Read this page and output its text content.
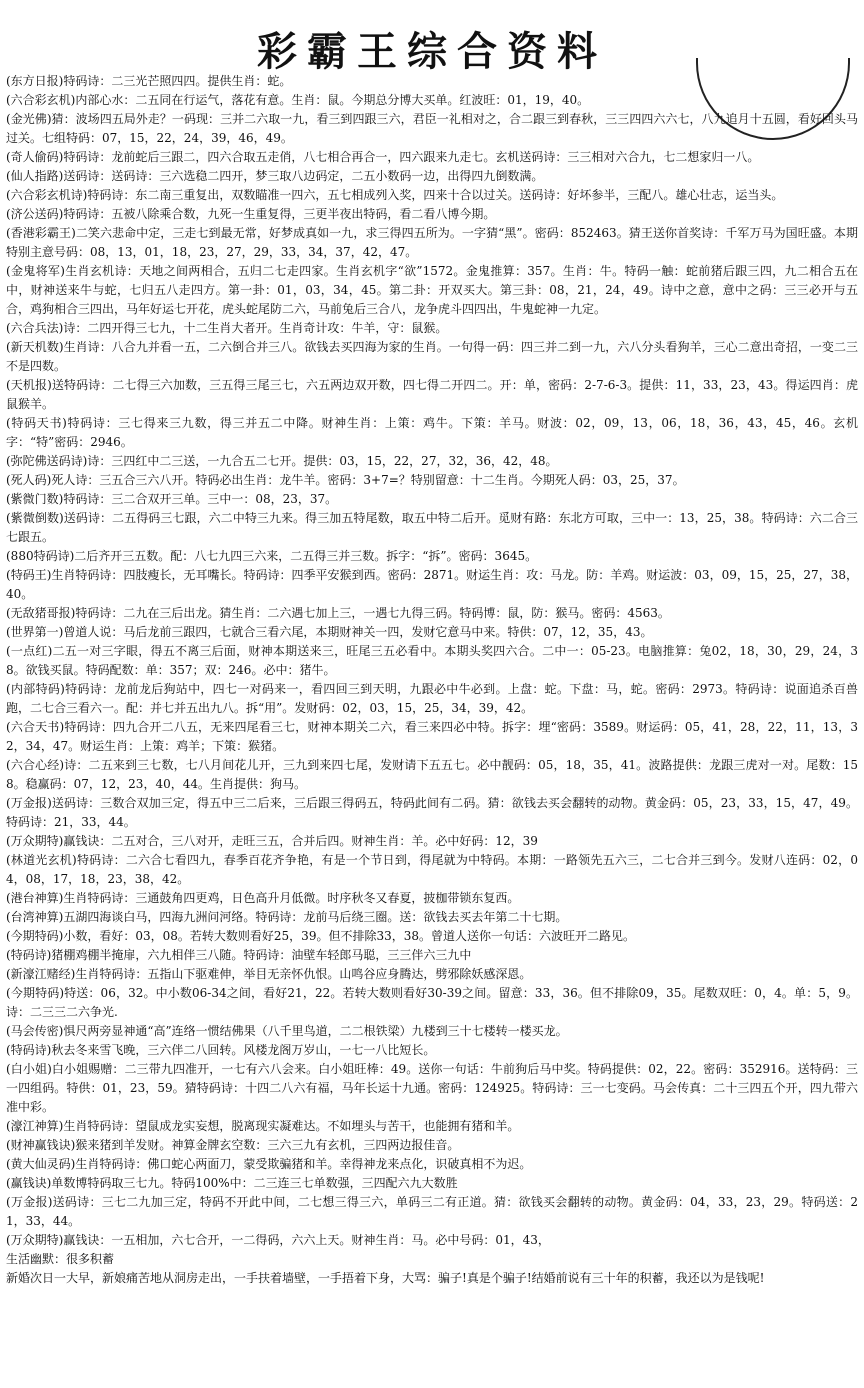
彩霸王综合资料

(东方日报)特码诗：二三光芒照四四。提供生肖：蛇。

(六合彩玄机)内部心水：二五同在行运气，落花有意。生肖：鼠。今期总分博大买单。红波旺：01，19，40。

(金光佛)猜：波场四五局外走？一码现：三并二六取一九，看三到四跟三六，君臣一礼相对之，合二跟三到春秋，三三四四六六七，八九追月十五圆，看好回头马过关。七组特码：07，15，22，24，39，46，49。

(奇人偷码)特码诗：龙前蛇后三跟二，四六合取五走俏，八七相合再合一，四六跟来九走七。玄机送码诗：三三相对六合九，七二想家归一八。

(仙人指路)送码诗：送码诗：三六选稳二四开，梦三取八边码定，二五小数码一边，出得四九倒数满。

(六合彩玄机诗)特码诗：东二南三重复出，双数瞄准一四六，五七相成列入奖，四来十合以过关。送码诗：好坏参半，三配八。雄心壮志，运当头。

(济公送码)特码诗：五被八除乘合数，九死一生重复得，三更半夜出特码，看二看八博今期。

(香港彩霸王)二笑六悲命中定，三走七到最无常，好梦成真如一九，求三得四五所为。一字猜“黑”。密码：852463。猜王送你首奖诗：千军万马为国旺盛。本期特别主意号码：08，13，01，18，23，27，29，33，34，37，42，47。

(金鬼将军)生肖玄机诗：天地之间两相合，五归二七走四家。生肖玄机字“欲”1572。金鬼推算：357。生肖：牛。特码一触：蛇前猪后跟三四，九二相合五在中，财神送来牛与蛇，七归五八走四方。第一卦：01，03，34，45。第二卦：开双买大。第三卦：08，21，24，49。诗中之意，意中之码：三三必开与五合，鸡狗相合三四出，马年好运七开花，虎头蛇尾防二六，马前兔后三合八，龙争虎斗四四出，牛鬼蛇神一九定。

(六合兵法)诗：二四开得三七九，十二生肖大者开。生肖奇计攻：牛羊，守：鼠猴。

(新天机数)生肖诗：八合九并看一五，二六倒合并三八。欲钱去买四海为家的生肖。一句得一码：四三并二到一九，六八分头看狗羊，三心二意出奇招，一变二三不是四数。

(天机报)送特码诗：二七得三六加数，三五得三尾三七，六五两边双开数，四七得二开四二。开：单，密码：2-7-6-3。提供：11，33，23，43。得运四肖：虎鼠猴羊。

(特码天书)特码诗：三七得来三九数，得三并五二中降。财神生肖：上策：鸡牛。下策：羊马。财波：02，09，13，06，18，36，43，45，46。玄机字：“特”密码：2946。

(弥陀佛送码诗)诗：三四红中二三送，一九合五二七开。提供：03，15，22，27，32，36，42，48。

(死人码)死人诗：三五合三六八开。特码必出生肖：龙牛羊。密码：3+7=？特别留意：十二生肖。今期死人码：03，25，37。

(紫微门数)特码诗：三二合双开三单。三中一：08，23，37。

(紫微倒数)送码诗：二五得码三七跟，六二中特三九来。得三加五特尾数，取五中特二后开。觅财有路：东北方可取，三中一：13，25，38。特码诗：六二合三七跟五。

(880特码诗)二后齐开三五数。配：八七九四三六来，二五得三并三数。拆字：“拆”。密码：3645。

(特码王)生肖特码诗：四肢瘦长，无耳嘴长。特码诗：四季平安猴到西。密码：2871。财运生肖：攻：马龙。防：羊鸡。财运波：03，09，15，25，27，38，40。

(无敌猪哥报)特码诗：二九在三后出龙。猜生肖：二六遇七加上三，一遇七九得三码。特码博：鼠，防：猴马。密码：4563。

(世界第一)曾道人说：马后龙前三跟四，七就合三看六尾，本期财神关一四，发财它意马中来。特供：07，12，35，43。

(一点红)二五一对三字眼，得五不离三后面，财神本期送来三，旺尾三五必看中。本期头奖四六合。二中一：05-23。电脑推算：兔02，18，30，29，24，38。欲钱买鼠。特码配数：单：357；双：246。必中：猪牛。

(内部特码)特码诗：龙前龙后狗站中，四七一对码来一，看四回三到天明，九跟必中牛必到。上盘：蛇。下盘：马，蛇。密码：2973。特码诗：说面追杀百兽跑，二七合三看六一。配：并七并五出九八。拆“用”。发财码：02，03，15，25，34，39，42。

(六合天书)特码诗：四九合开二八五，无来四尾看三七，财神本期关二六，看三来四必中特。拆字：埋“密码：3589。财运码：05，41，28，22，11，13，32，34，47。财运生肖：上策：鸡羊；下策：猴猪。

(六合心经)诗：二五来到三七数，七八月间花儿开，三九到来四七尾，发财请下五五七。必中靓码：05，18，35，41。波路提供：龙跟三虎对一对。尾数：158。稳赢码：07，12，23，40，44。生肖提供：狗马。

(万金报)送码诗：三数合双加三定，得五中三二后来，三后跟三得码五，特码此间有二码。猜：欲钱去买会翻转的动物。黄金码：05，23，33，15，47，49。特码诗：21，33，44。

(万众期特)赢钱诀：二五对合，三八对开，走旺三五，合并后四。财神生肖：羊。必中好码：12，39

(林道光玄机)特码诗：二六合七看四九，春季百花齐争艳，有是一个节日到，得尾就为中特码。本期：一路领先五六三，二七合并三到今。发财八连码：02，04，08，17，18，23，38，42。

(港台神算)生肖特码诗：三通鼓角四更鸡，日色高升月低微。时序秋冬又春夏，披枷带锁东复西。

(台湾神算)五湖四海谈白马，四海九洲问河络。特码诗：龙前马后绕三圈。送：欲钱去买去年第二十七期。

(今期特码)小数，看好：03，08。若转大数则看好25，39。但不排除33，38。曾道人送你一句话：六波旺开二路见。

(特码诗)猪棚鸡棚半掩扉，六九相伴三八随。特码诗：油壁车轻郎马聪，三三伴六三九中

(新濠江赌经)生肖特码诗：五指山下驱难伸，举目无亲怀仇恨。山鸣谷应身腾达，劈邪除妖感深恩。

(今期特码)特送：06，32。中小数06-34之间，看好21，22。若转大数则看好30-39之间。留意：33，36。但不排除09，35。尾数双旺：0，4。单：5，9。诗：二三三二六争光.

(马会传密)惧尺两旁显神通“高”连络一惯结佛果（八千里鸟道，二二根铁梁）九楼到三十七楼转一楼买龙。

(特码诗)秋去冬来雪飞晚，三六伴二八回转。风楼龙阁万岁山，一七一八比短长。

(白小姐)白小姐赐赠：二三带九四准开，一七有六八会来。白小姐旺棒：49。送你一句话：牛前狗后马中奖。特码提供：02，22。密码：352916。送特码：三一四组码。特供：01，23，59。猜特码诗：十四二八六有福，马年长运十九通。密码：124925。特码诗：三一七变码。马会传真：二十三四五个开，四九带六准中彩。

(濠江神算)生肖特码诗：望鼠成龙实妄想，脱离现实凝难达。不如埋头与苦干，也能拥有猪和羊。

(财神赢钱诀)猴来猪到羊发财。神算金牌玄空数：三六三九有玄机，三四两边报佳音。

(黄大仙灵码)生肖特码诗：佛口蛇心两面刀，蒙受欺骗猪和羊。幸得神龙来点化，识破真相不为迟。

(赢钱诀)单数博特码取三七九。特码100%中：二三连三七单数强，三四配六九大数胜

(万金报)送码诗：三七二九加三定，特码不开此中间，二七想三得三六，单码三二有正道。猜：欲钱买会翻转的动物。黄金码：04，33，23，29。特码送：21，33，44。

(万众期特)赢钱诀：一五相加，六七合开，一二得码，六六上天。财神生肖：马。必中号码：01，43，

生活幽默：很多积蓄
新婚次日一大早，新娘痛苦地从洞房走出，一手扶着墙壁，一手捂着下身，大骂：骗子!真是个骗子!结婚前说有三十年的积蓄，我还以为是钱呢!
